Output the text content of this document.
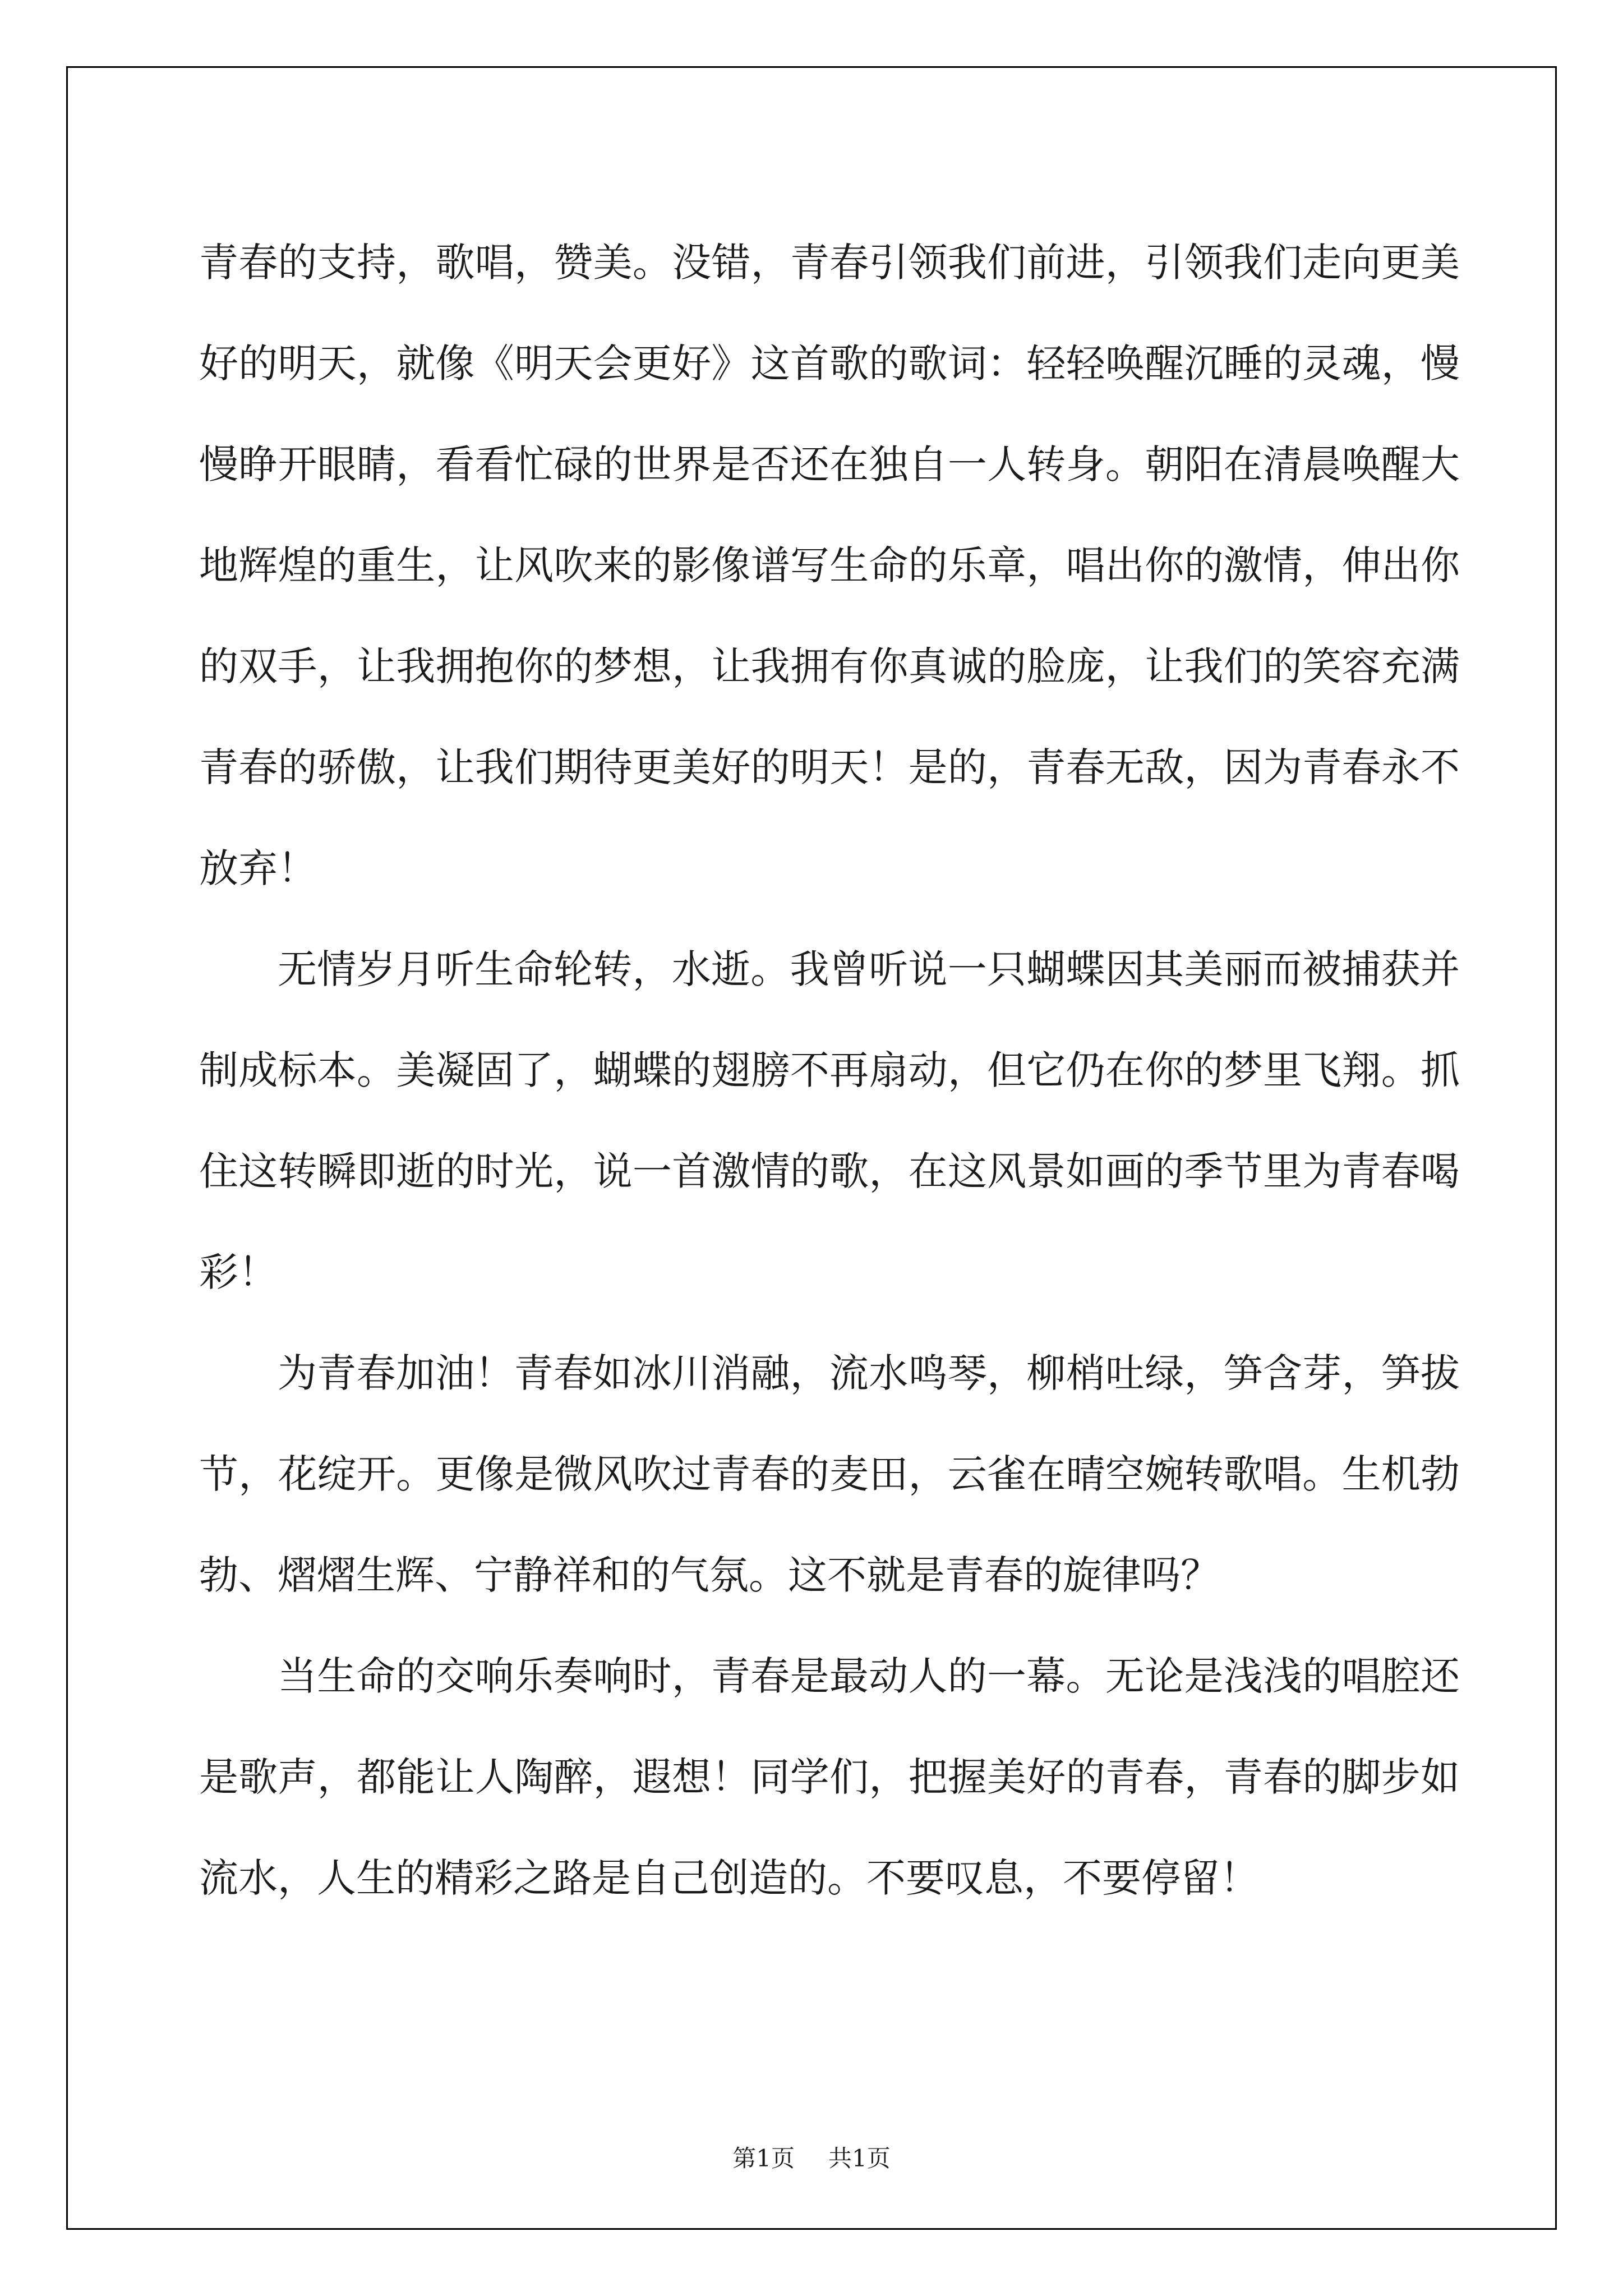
青春的支持，歌唱，赞美。没错，青春引领我们前进，引领我们走向更美好的明天，就像《明天会更好》这首歌的歌词：轻轻唤醒沉睡的灵魂，慢慢睁开眼睛，看看忙碌的世界是否还在独自一人转身。朝阳在清晨唤醒大地辉煌的重生，让风吹来的影像谱写生命的乐章，唱出你的激情，伸出你的双手，让我拥抱你的梦想，让我拥有你真诚的脸庞，让我们的笑容充满青春的骄傲，让我们期待更美好的明天！是的，青春无敌，因为青春永不放弃！

无情岁月听生命轮转，水逝。我曾听说一只蝴蝶因其美丽而被捕获并制成标本。美凝固了，蝴蝶的翅膀不再扇动，但它仍在你的梦里飞翔。抓住这转瞬即逝的时光，说一首激情的歌，在这风景如画的季节里为青春喝彩！

为青春加油！青春如冰川消融，流水鸣琴，柳梢吐绿，笋含芽，笋拔节，花绽开。更像是微风吹过青春的麦田，云雀在晴空婉转歌唱。生机勃勃、熠熠生辉、宁静祥和的气氛。这不就是青春的旋律吗？

当生命的交响乐奏响时，青春是最动人的一幕。无论是浅浅的唱腔还是歌声，都能让人陶醉，遐想！同学们，把握美好的青春，青春的脚步如流水，人生的精彩之路是自己创造的。不要叹息，不要停留！

第1页 共1页
